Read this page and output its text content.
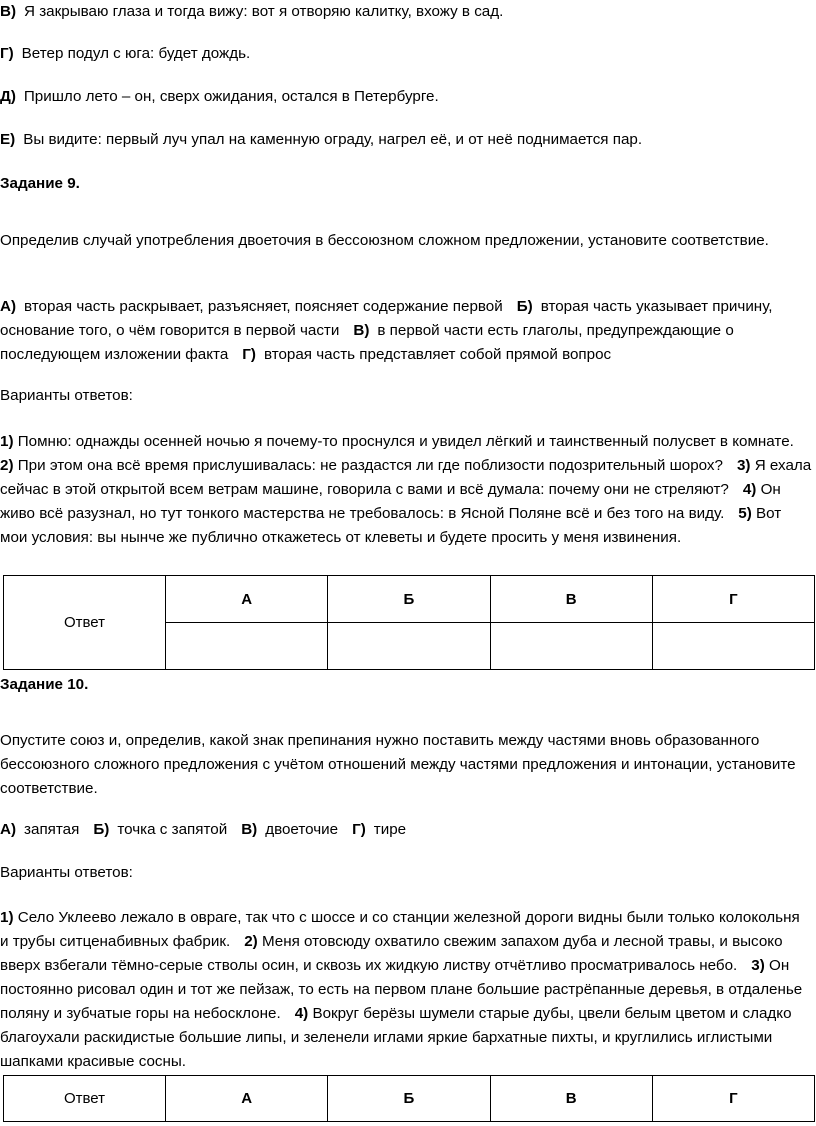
В) Я закрываю глаза и тогда вижу: вот я отворяю калитку, вхожу в сад.
Г) Ветер подул с юга: будет дождь.
Д) Пришло лето – он, сверх ожидания, остался в Петербурге.
Е) Вы видите: первый луч упал на каменную ограду, нагрел её, и от неё поднимается пар.
Задание 9.
Определив случай употребления двоеточия в бессоюзном сложном предложении, установите соответствие.
А) вторая часть раскрывает, разъясняет, поясняет содержание первой Б) вторая часть указывает причину, основание того, о чём говорится в первой части В) в первой части есть глаголы, предупреждающие о последующем изложении факта Г) вторая часть представляет собой прямой вопрос
Варианты ответов:
1) Помню: однажды осенней ночью я почему-то проснулся и увидел лёгкий и таинственный полусвет в комнате.2) При этом она всё время прислушивалась: не раздастся ли где поблизости подозрительный шорох? 3) Я ехала сейчас в этой открытой всем ветрам машине, говорила с вами и всё думала: почему они не стреляют? 4) Он живо всё разузнал, но тут тонкого мастерства не требовалось: в Ясной Поляне всё и без того на виду. 5) Вот мои условия: вы нынче же публично откажетесь от клеветы и будете просить у меня извинения.
Ответ	А	Б	В	Г

Задание 10.
Опустите союз и, определив, какой знак препинания нужно поставить между частями вновь образованного бессоюзного сложного предложения с учётом отношений между частями предложения и интонации, установите соответствие.
А) запятая Б) точка с запятой В) двоеточие Г) тире
Варианты ответов:
1) Село Уклеево лежало в овраге, так что с шоссе и со станции железной дороги видны были только колокольня и трубы ситценабивных фабрик. 2) Меня отовсюду охватило свежим запахом дуба и лесной травы, и высоко вверх взбегали тёмно-серые стволы осин, и сквозь их жидкую листву отчётливо просматривалось небо. 3) Он постоянно рисовал один и тот же пейзаж, то есть на первом плане большие растрёпанные деревья, в отдаленье поляну и зубчатые горы на небосклоне. 4) Вокруг берёзы шумели старые дубы, цвели белым цветом и сладко благоухали раскидистые большие липы, и зеленели иглами яркие бархатные пихты, и круглились иглистыми шапками красивые сосны.
Ответ	А	Б	В	Г
